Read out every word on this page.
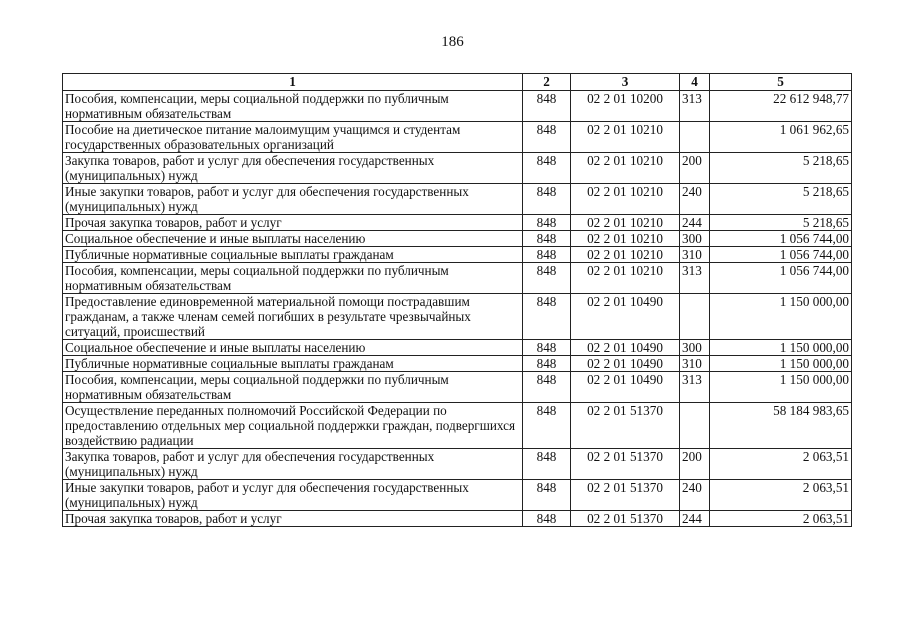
186
1	2	3	4	5
Пособия, компенсации, меры социальной поддержки по публичным нормативным обязательствам	848	02 2 01 10200	313	22 612 948,77
Пособие на диетическое питание малоимущим учащимся и студентам государственных образовательных организаций	848	02 2 01 10210		1 061 962,65
Закупка товаров, работ и услуг для обеспечения государственных (муниципальных) нужд	848	02 2 01 10210	200	5 218,65
Иные закупки товаров, работ и услуг для обеспечения государственных (муниципальных) нужд	848	02 2 01 10210	240	5 218,65
Прочая закупка товаров, работ и услуг	848	02 2 01 10210	244	5 218,65
Социальное обеспечение и иные выплаты населению	848	02 2 01 10210	300	1 056 744,00
Публичные нормативные социальные выплаты гражданам	848	02 2 01 10210	310	1 056 744,00
Пособия, компенсации, меры социальной поддержки по публичным нормативным обязательствам	848	02 2 01 10210	313	1 056 744,00
Предоставление единовременной материальной помощи пострадавшим гражданам, а также членам семей погибших в результате чрезвычайных ситуаций, происшествий	848	02 2 01 10490		1 150 000,00
Социальное обеспечение и иные выплаты населению	848	02 2 01 10490	300	1 150 000,00
Публичные нормативные социальные выплаты гражданам	848	02 2 01 10490	310	1 150 000,00
Пособия, компенсации, меры социальной поддержки по публичным нормативным обязательствам	848	02 2 01 10490	313	1 150 000,00
Осуществление переданных полномочий Российской Федерации по предоставлению отдельных мер социальной поддержки граждан, подвергшихся воздействию радиации	848	02 2 01 51370		58 184 983,65
Закупка товаров, работ и услуг для обеспечения государственных (муниципальных) нужд	848	02 2 01 51370	200	2 063,51
Иные закупки товаров, работ и услуг для обеспечения государственных (муниципальных) нужд	848	02 2 01 51370	240	2 063,51
Прочая закупка товаров, работ и услуг	848	02 2 01 51370	244	2 063,51
